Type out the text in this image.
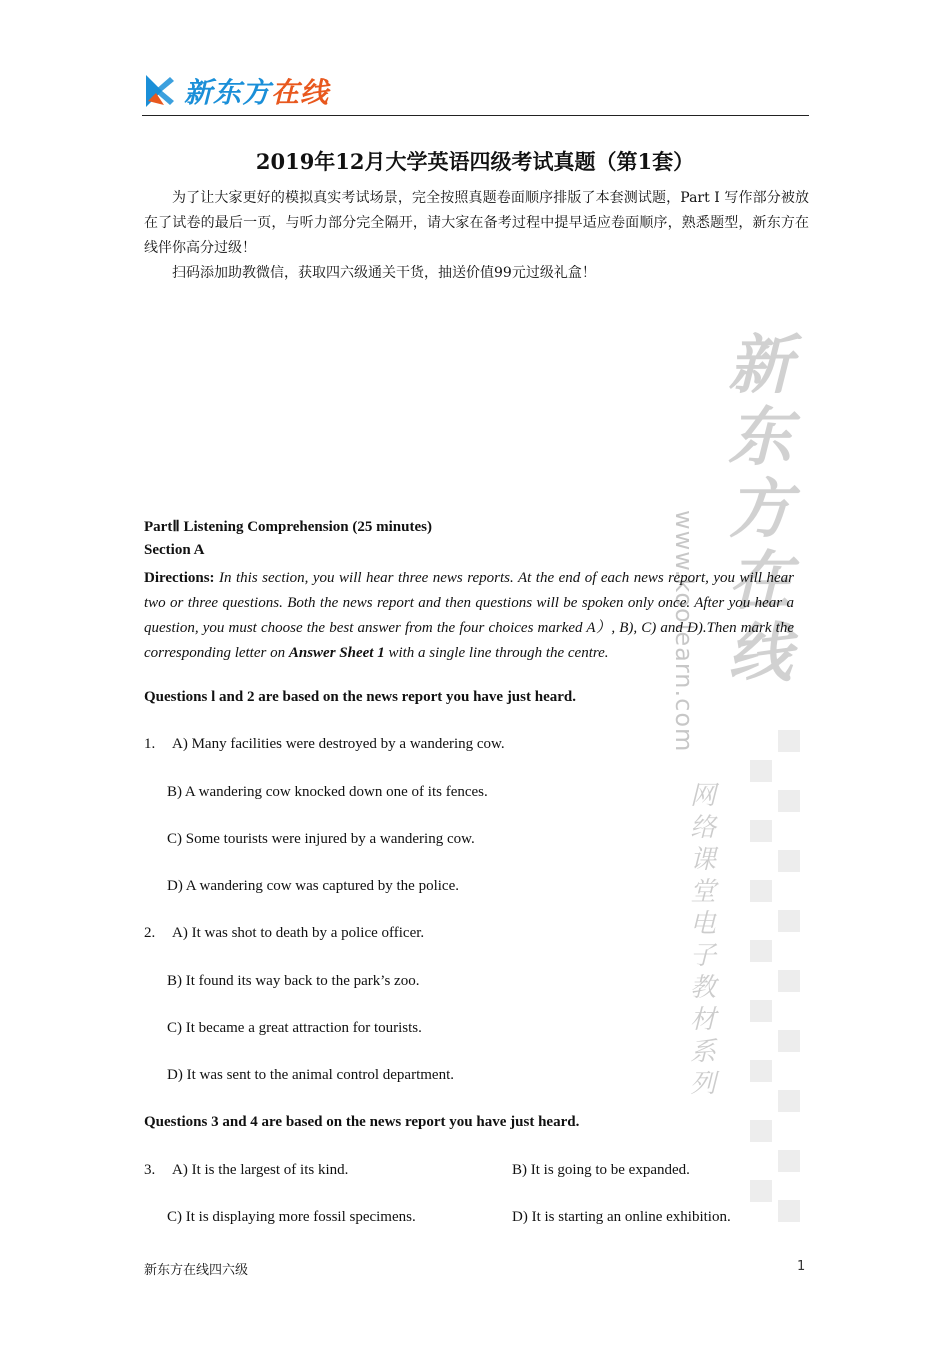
新东方在线
2019年12月大学英语四级考试真题（第1套）

为了让大家更好的模拟真实考试场景，完全按照真题卷面顺序排版了本套测试题，Part I 写作部分被放在了试卷的最后一页，与听力部分完全隔开，请大家在备考过程中提早适应卷面顺序，熟悉题型，新东方在线伴你高分过级！

扫码添加助教微信，获取四六级通关干货，抽送价值99元过级礼盒！

新东方在线
www.koolearn.com
网络课堂电子教材系列
PartⅡ Listening Comprehension (25 minutes)
Section A
Directions: In this section, you will hear three news reports. At the end of each news report, you will hear two or three questions. Both the news report and then questions will be spoken only once. After you hear a question, you must choose the best answer from the four choices marked A）, B), C) and D).Then mark the corresponding letter on Answer Sheet 1 with a single line through the centre.
Questions l and 2 are based on the news report you have just heard.
1. A) Many facilities were destroyed by a wandering cow.
B) A wandering cow knocked down one of its fences.
C) Some tourists were injured by a wandering cow.
D) A wandering cow was captured by the police.
2. A) It was shot to death by a police officer.
B) It found its way back to the park’s zoo.
C) It became a great attraction for tourists.
D) It was sent to the animal control department.
Questions 3 and 4 are based on the news report you have just heard.
3. A) It is the largest of its kind.	B) It is going to be expanded.
C) It is displaying more fossil specimens.	D) It is starting an online exhibition.
新东方在线四六级	1
